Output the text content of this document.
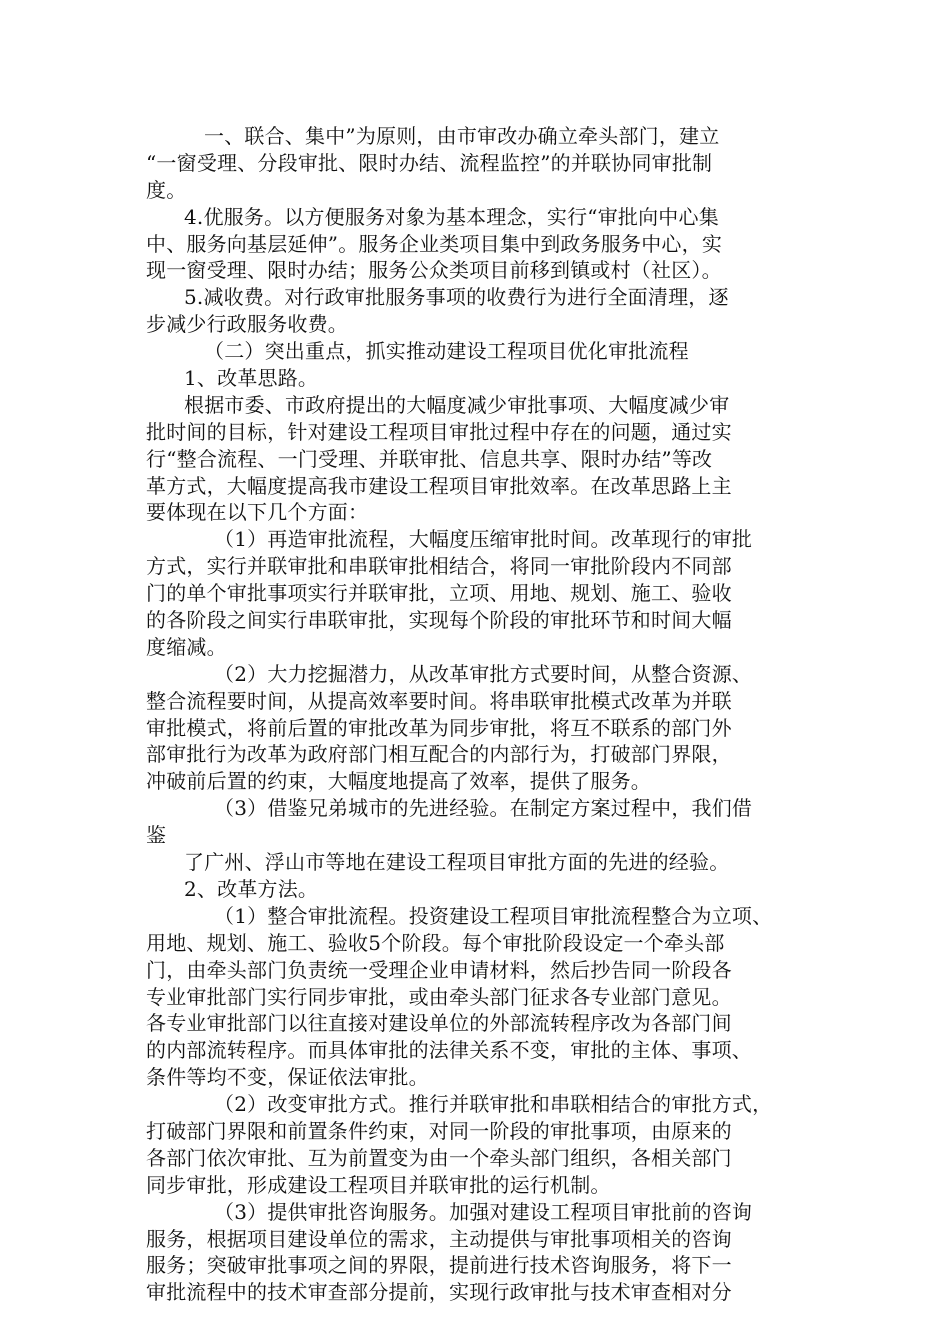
一、联合、集中”为原则，由市审改办确立牵头部门，建立
“一窗受理、分段审批、限时办结、流程监控”的并联协同审批制
度。
4.优服务。以方便服务对象为基本理念，实行“审批向中心集
中、服务向基层延伸”。服务企业类项目集中到政务服务中心，实
现一窗受理、限时办结；服务公众类项目前移到镇或村（社区）。
5.减收费。对行政审批服务事项的收费行为进行全面清理，逐
步减少行政服务收费。
（二）突出重点，抓实推动建设工程项目优化审批流程
1、改革思路。
根据市委、市政府提出的大幅度减少审批事项、大幅度减少审
批时间的目标，针对建设工程项目审批过程中存在的问题，通过实
行“整合流程、一门受理、并联审批、信息共享、限时办结”等改
革方式，大幅度提高我市建设工程项目审批效率。在改革思路上主
要体现在以下几个方面：
（1）再造审批流程，大幅度压缩审批时间。改革现行的审批
方式，实行并联审批和串联审批相结合，将同一审批阶段内不同部
门的单个审批事项实行并联审批，立项、用地、规划、施工、验收
的各阶段之间实行串联审批，实现每个阶段的审批环节和时间大幅
度缩减。
（2）大力挖掘潜力，从改革审批方式要时间，从整合资源、
整合流程要时间，从提高效率要时间。将串联审批模式改革为并联
审批模式，将前后置的审批改革为同步审批，将互不联系的部门外
部审批行为改革为政府部门相互配合的内部行为，打破部门界限，
冲破前后置的约束，大幅度地提高了效率，提供了服务。
（3）借鉴兄弟城市的先进经验。在制定方案过程中，我们借
鉴
了广州、浮山市等地在建设工程项目审批方面的先进的经验。
2、改革方法。
（1）整合审批流程。投资建设工程项目审批流程整合为立项、
用地、规划、施工、验收5个阶段。每个审批阶段设定一个牵头部
门，由牵头部门负责统一受理企业申请材料，然后抄告同一阶段各
专业审批部门实行同步审批，或由牵头部门征求各专业部门意见。
各专业审批部门以往直接对建设单位的外部流转程序改为各部门间
的内部流转程序。而具体审批的法律关系不变，审批的主体、事项、
条件等均不变，保证依法审批。
（2）改变审批方式。推行并联审批和串联相结合的审批方式，
打破部门界限和前置条件约束，对同一阶段的审批事项，由原来的
各部门依次审批、互为前置变为由一个牵头部门组织，各相关部门
同步审批，形成建设工程项目并联审批的运行机制。
（3）提供审批咨询服务。加强对建设工程项目审批前的咨询
服务，根据项目建设单位的需求，主动提供与审批事项相关的咨询
服务；突破审批事项之间的界限，提前进行技术咨询服务，将下一
审批流程中的技术审查部分提前，实现行政审批与技术审查相对分
